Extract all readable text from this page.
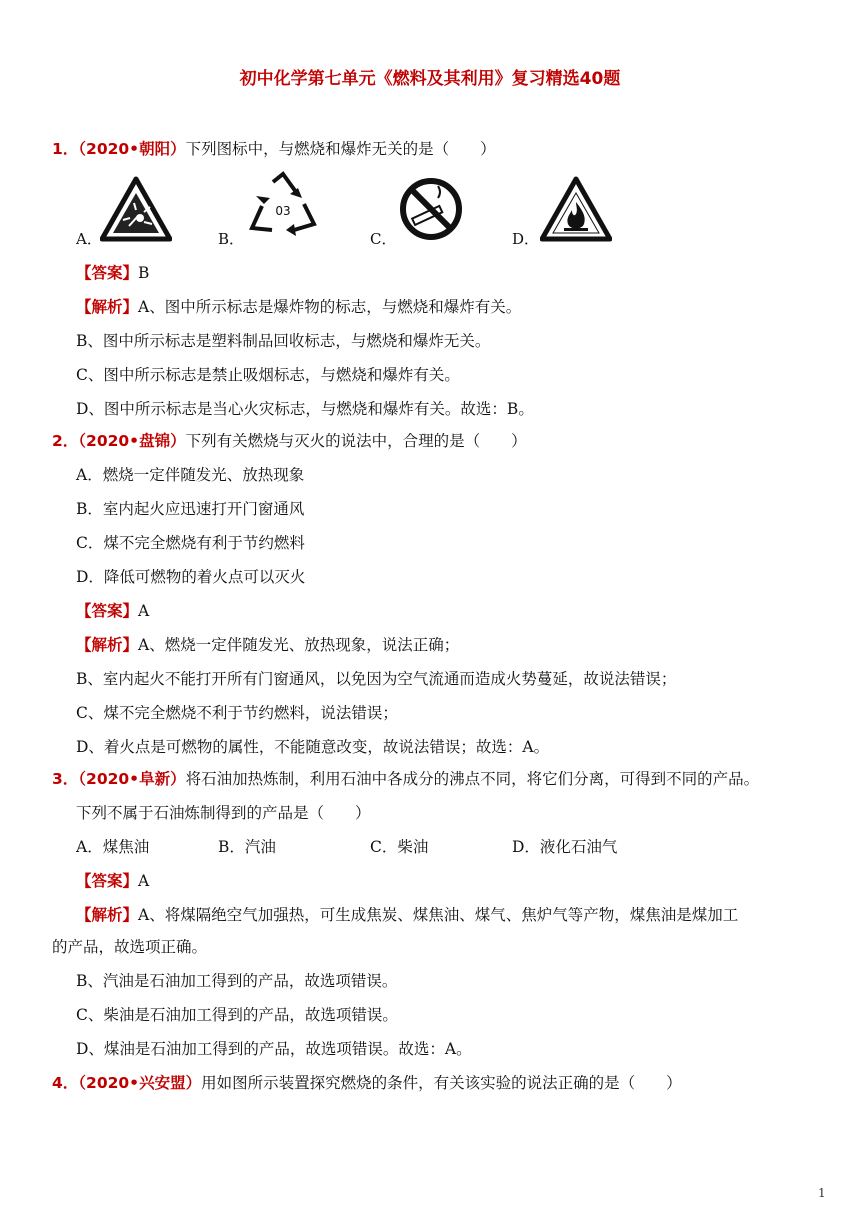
初中化学第七单元《燃料及其利用》复习精选40题
1．（2020•朝阳）下列图标中，与燃烧和爆炸无关的是（　　）
A．	B．
03
C．	D．
【答案】B
【解析】A、图中所示标志是爆炸物的标志，与燃烧和爆炸有关。
B、图中所示标志是塑料制品回收标志，与燃烧和爆炸无关。
C、图中所示标志是禁止吸烟标志，与燃烧和爆炸有关。
D、图中所示标志是当心火灾标志，与燃烧和爆炸有关。故选：B。
2．（2020•盘锦）下列有关燃烧与灭火的说法中，合理的是（　　）
A．燃烧一定伴随发光、放热现象
B．室内起火应迅速打开门窗通风
C．煤不完全燃烧有利于节约燃料
D．降低可燃物的着火点可以灭火
【答案】A
【解析】A、燃烧一定伴随发光、放热现象，说法正确；
B、室内起火不能打开所有门窗通风，以免因为空气流通而造成火势蔓延，故说法错误；
C、煤不完全燃烧不利于节约燃料，说法错误；
D、着火点是可燃物的属性，不能随意改变，故说法错误；故选：A。
3．（2020•阜新）将石油加热炼制，利用石油中各成分的沸点不同，将它们分离，可得到不同的产品。
下列不属于石油炼制得到的产品是（　　）
A．煤焦油	B．汽油	C．柴油	D．液化石油气
【答案】A
【解析】A、将煤隔绝空气加强热，可生成焦炭、煤焦油、煤气、焦炉气等产物，煤焦油是煤加工
的产品，故选项正确。
B、汽油是石油加工得到的产品，故选项错误。
C、柴油是石油加工得到的产品，故选项错误。
D、煤油是石油加工得到的产品，故选项错误。故选：A。
4．（2020•兴安盟）用如图所示装置探究燃烧的条件，有关该实验的说法正确的是（　　）
1
